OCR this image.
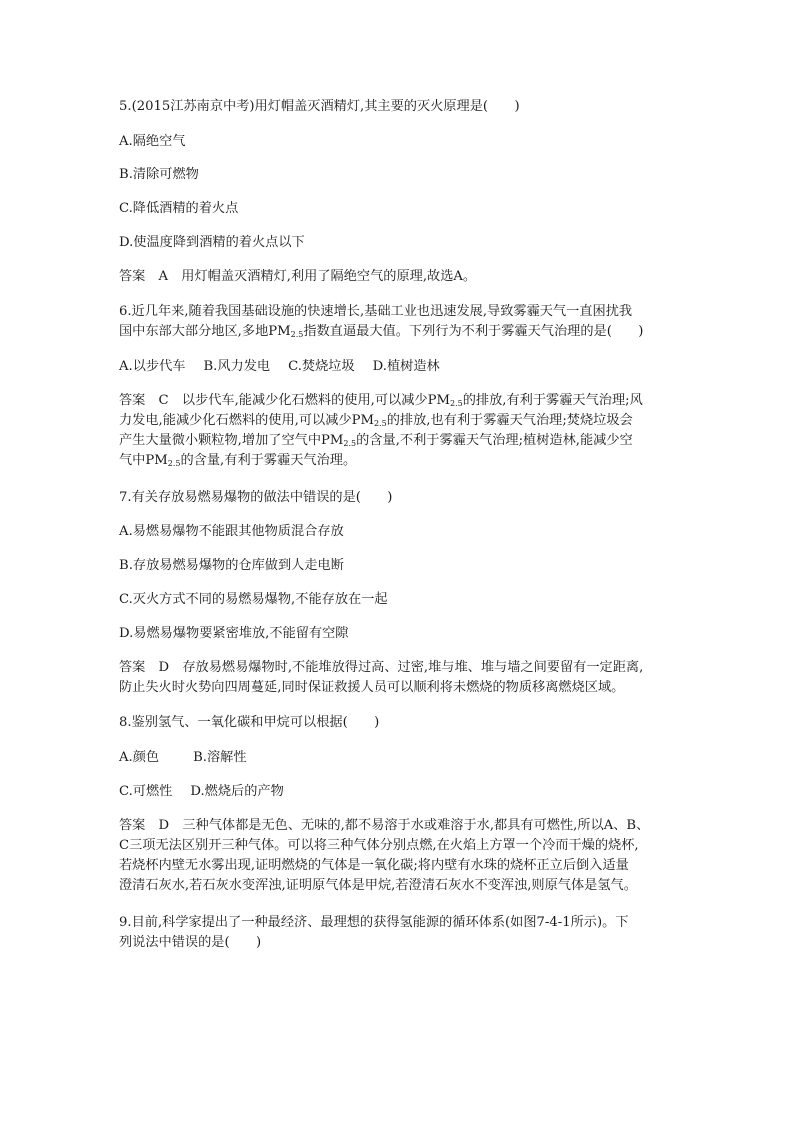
5.(2015江苏南京中考)用灯帽盖灭酒精灯,其主要的灭火原理是(　　)
A.隔绝空气
B.清除可燃物
C.降低酒精的着火点
D.使温度降到酒精的着火点以下
答案　A　用灯帽盖灭酒精灯,利用了隔绝空气的原理,故选A。
6.近几年来,随着我国基础设施的快速增长,基础工业也迅速发展,导致雾霾天气一直困扰我
国中东部大部分地区,多地$PM_{2.5}$指数直逼最大值。下列行为不利于雾霾天气治理的是(　　)
A.以步代车 B.风力发电 C.焚烧垃圾 D.植树造林
答案　C　以步代车,能减少化石燃料的使用,可以减少$PM_{2.5}$的排放,有利于雾霾天气治理;风
力发电,能减少化石燃料的使用,可以减少$PM_{2.5}$的排放,也有利于雾霾天气治理;焚烧垃圾会
产生大量微小颗粒物,增加了空气中$PM_{2.5}$的含量,不利于雾霾天气治理;植树造林,能减少空
气中$PM_{2.5}$的含量,有利于雾霾天气治理。
7.有关存放易燃易爆物的做法中错误的是(　　)
A.易燃易爆物不能跟其他物质混合存放
B.存放易燃易爆物的仓库做到人走电断
C.灭火方式不同的易燃易爆物,不能存放在一起
D.易燃易爆物要紧密堆放,不能留有空隙
答案　D　存放易燃易爆物时,不能堆放得过高、过密,堆与堆、堆与墙之间要留有一定距离,
防止失火时火势向四周蔓延,同时保证救援人员可以顺利将未燃烧的物质移离燃烧区域。
8.鉴别氢气、一氧化碳和甲烷可以根据(　　)
A.颜色	B.溶解性
C.可燃性 D.燃烧后的产物
答案　D　三种气体都是无色、无味的,都不易溶于水或难溶于水,都具有可燃性,所以A、B、
C三项无法区别开三种气体。可以将三种气体分别点燃,在火焰上方罩一个冷而干燥的烧杯,
若烧杯内壁无水雾出现,证明燃烧的气体是一氧化碳;将内壁有水珠的烧杯正立后倒入适量
澄清石灰水,若石灰水变浑浊,证明原气体是甲烷,若澄清石灰水不变浑浊,则原气体是氢气。
9.目前,科学家提出了一种最经济、最理想的获得氢能源的循环体系(如图7-4-1所示)。下
列说法中错误的是(　　)
